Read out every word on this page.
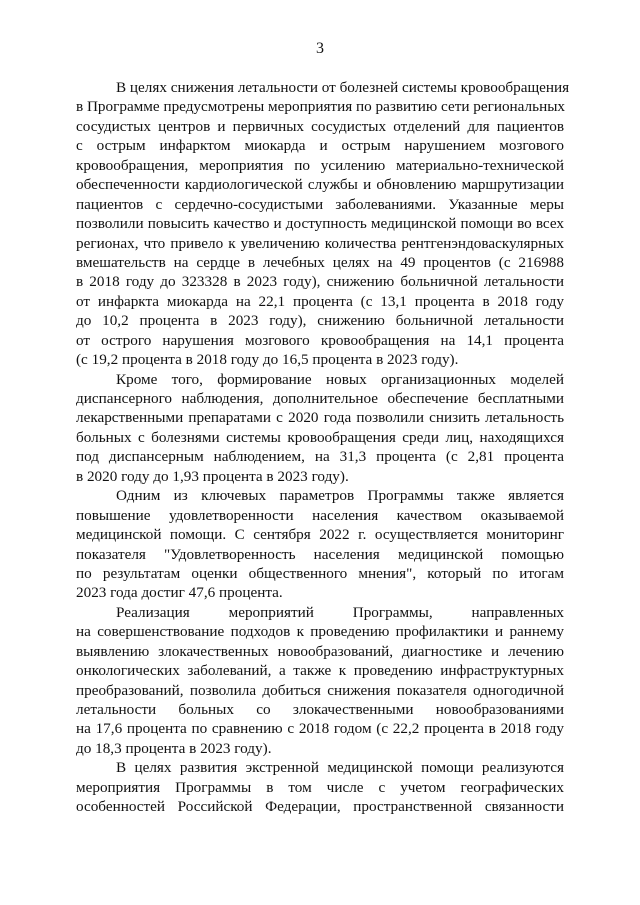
3
В целях снижения летальности от болезней системы кровообращения
в Программе предусмотрены мероприятия по развитию сети региональных
сосудистых центров и первичных сосудистых отделений для пациентов
с острым инфарктом миокарда и острым нарушением мозгового
кровообращения, мероприятия по усилению материально-технической
обеспеченности кардиологической службы и обновлению маршрутизации
пациентов с сердечно-сосудистыми заболеваниями. Указанные меры
позволили повысить качество и доступность медицинской помощи во всех
регионах, что привело к увеличению количества рентгенэндоваскулярных
вмешательств на сердце в лечебных целях на 49 процентов (с 216988
в 2018 году до 323328 в 2023 году), снижению больничной летальности
от инфаркта миокарда на 22,1 процента (с 13,1 процента в 2018 году
до 10,2 процента в 2023 году), снижению больничной летальности
от острого нарушения мозгового кровообращения на 14,1 процента
(с 19,2 процента в 2018 году до 16,5 процента в 2023 году).
Кроме того, формирование новых организационных моделей
диспансерного наблюдения, дополнительное обеспечение бесплатными
лекарственными препаратами с 2020 года позволили снизить летальность
больных с болезнями системы кровообращения среди лиц, находящихся
под диспансерным наблюдением, на 31,3 процента (с 2,81 процента
в 2020 году до 1,93 процента в 2023 году).
Одним из ключевых параметров Программы также является
повышение удовлетворенности населения качеством оказываемой
медицинской помощи. С сентября 2022 г. осуществляется мониторинг
показателя "Удовлетворенность населения медицинской помощью
по результатам оценки общественного мнения", который по итогам
2023 года достиг 47,6 процента.
Реализация мероприятий Программы, направленных
на совершенствование подходов к проведению профилактики и раннему
выявлению злокачественных новообразований, диагностике и лечению
онкологических заболеваний, а также к проведению инфраструктурных
преобразований, позволила добиться снижения показателя одногодичной
летальности больных со злокачественными новообразованиями
на 17,6 процента по сравнению с 2018 годом (с 22,2 процента в 2018 году
до 18,3 процента в 2023 году).
В целях развития экстренной медицинской помощи реализуются
мероприятия Программы в том числе с учетом географических
особенностей Российской Федерации, пространственной связанности
